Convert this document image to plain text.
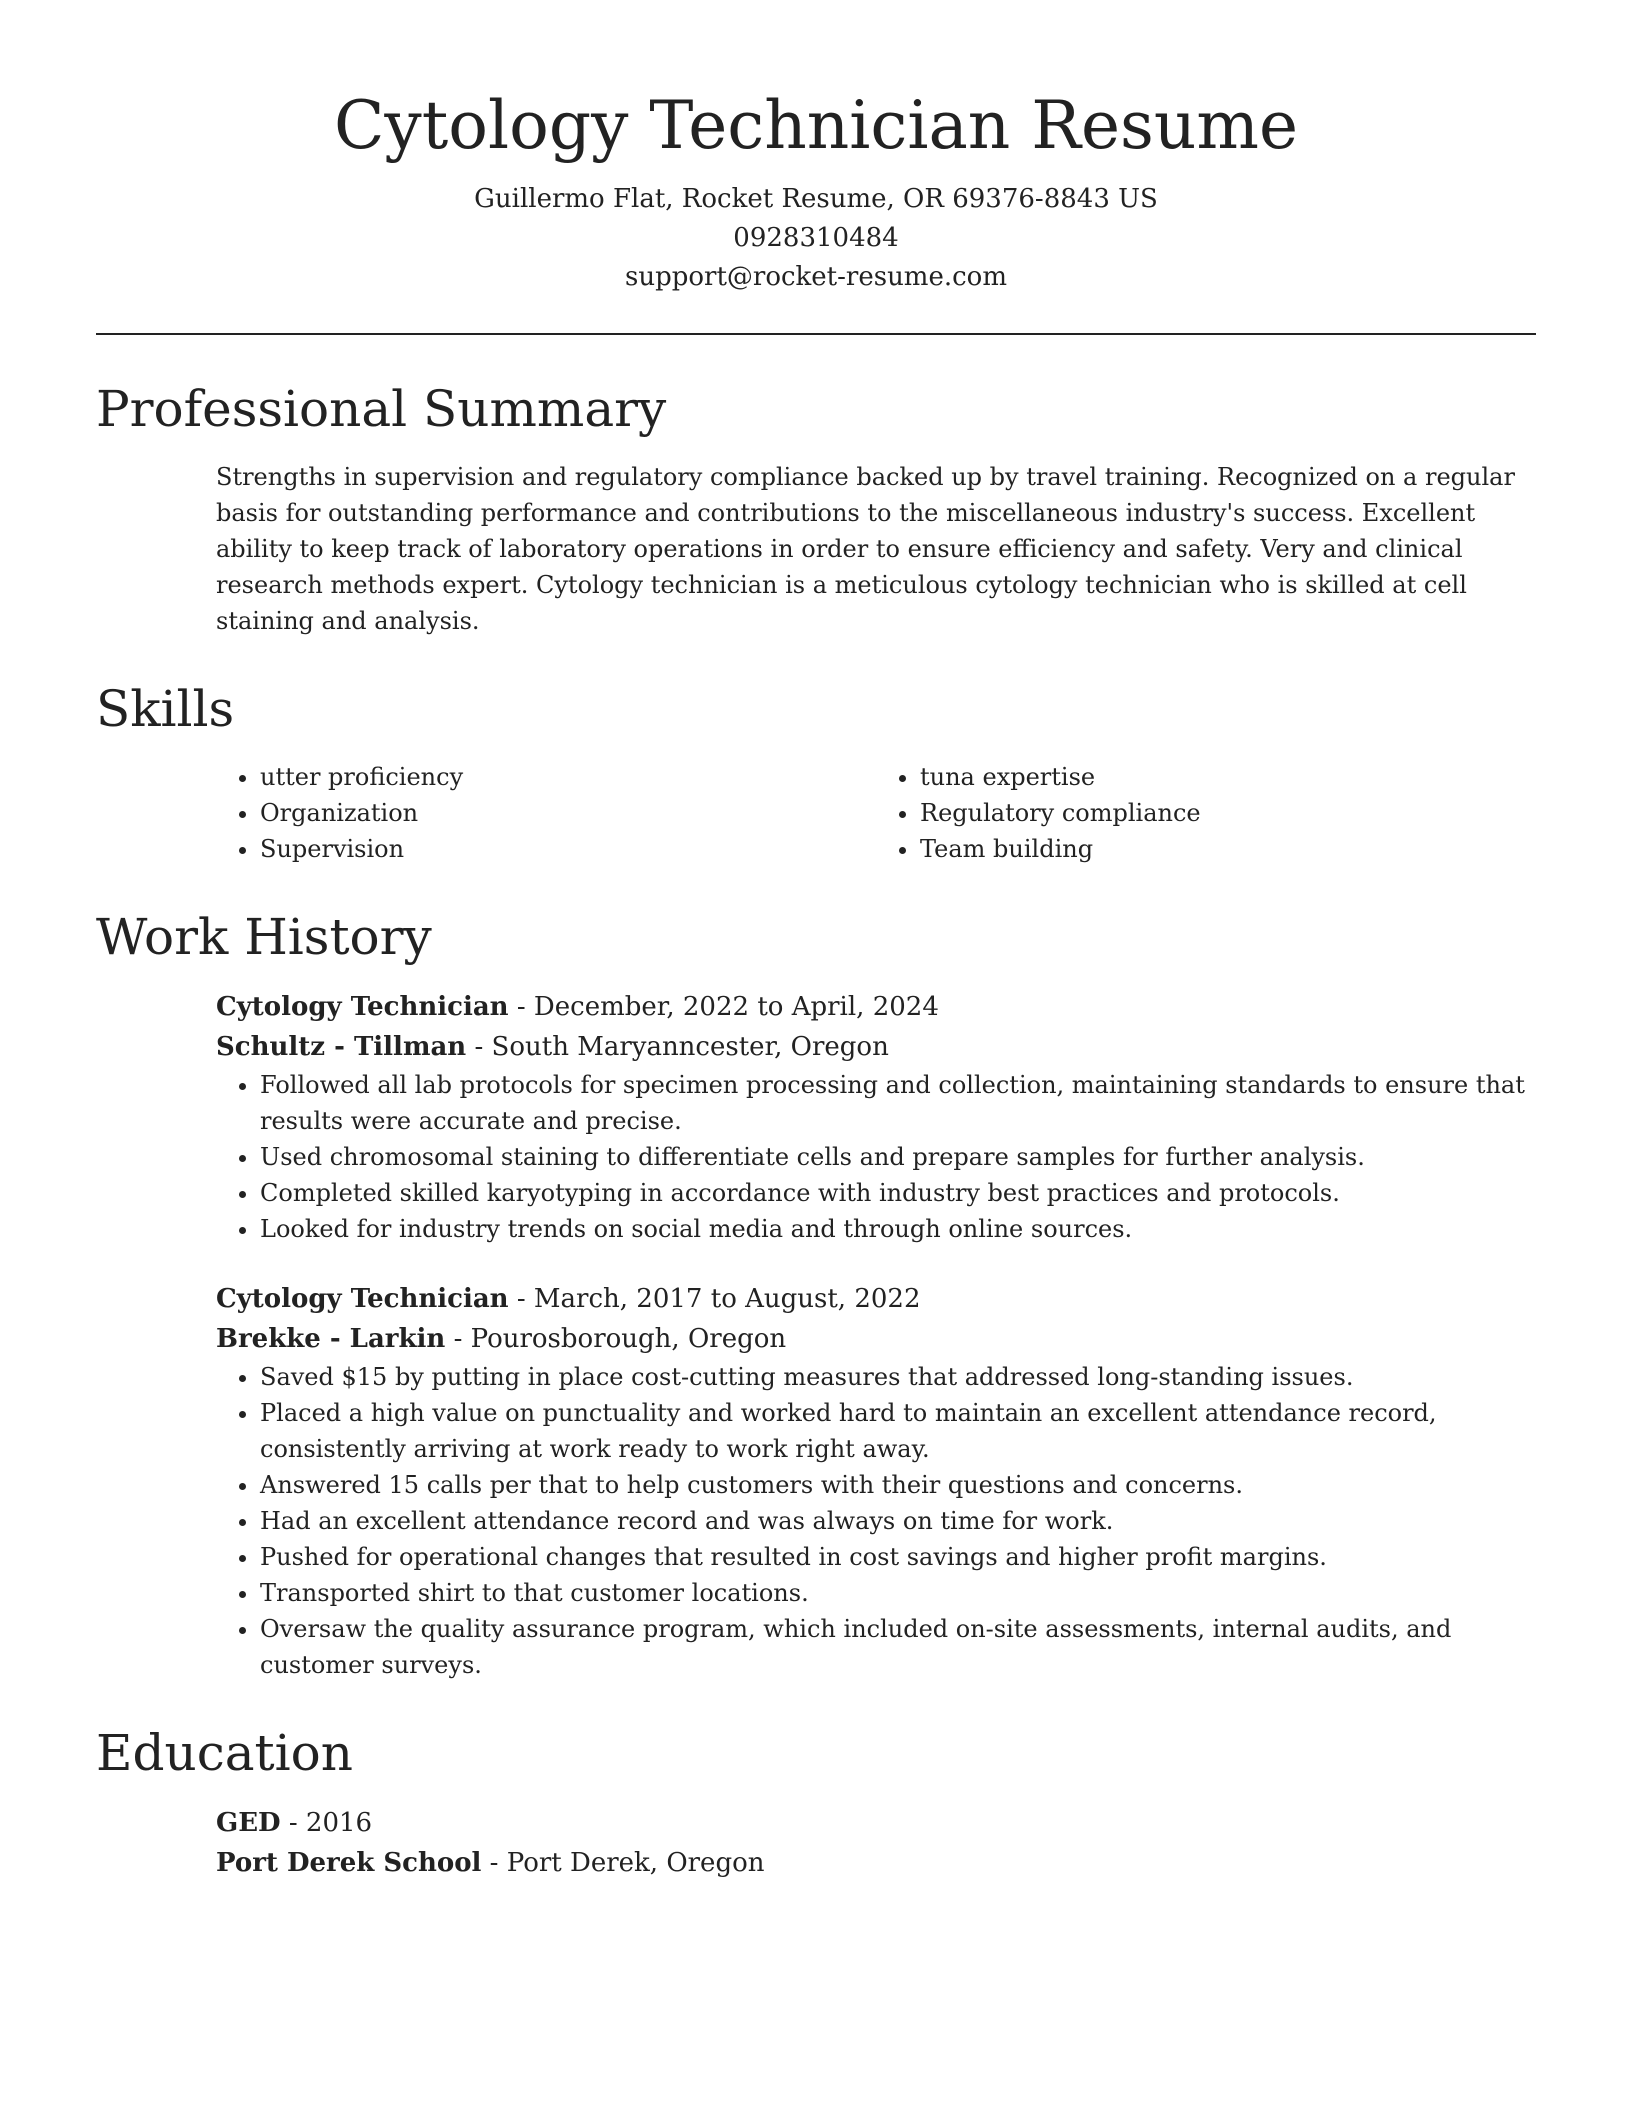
Cytology Technician Resume
Guillermo Flat, Rocket Resume, OR 69376-8843 US
0928310484
support@rocket-resume.com
Professional Summary
Strengths in supervision and regulatory compliance backed up by travel training. Recognized on a regular basis for outstanding performance and contributions to the miscellaneous industry's success. Excellent ability to keep track of laboratory operations in order to ensure efficiency and safety. Very and clinical research methods expert. Cytology technician is a meticulous cytology technician who is skilled at cell staining and analysis.
Skills
• utter proficiency
• Organization
• Supervision
• tuna expertise
• Regulatory compliance
• Team building
Work History
Cytology Technician - December, 2022 to April, 2024
Schultz - Tillman - South Maryanncester, Oregon
• Followed all lab protocols for specimen processing and collection, maintaining standards to ensure that results were accurate and precise.
• Used chromosomal staining to differentiate cells and prepare samples for further analysis.
• Completed skilled karyotyping in accordance with industry best practices and protocols.
• Looked for industry trends on social media and through online sources.
Cytology Technician - March, 2017 to August, 2022
Brekke - Larkin - Pourosborough, Oregon
• Saved $15 by putting in place cost-cutting measures that addressed long-standing issues.
• Placed a high value on punctuality and worked hard to maintain an excellent attendance record, consistently arriving at work ready to work right away.
• Answered 15 calls per that to help customers with their questions and concerns.
• Had an excellent attendance record and was always on time for work.
• Pushed for operational changes that resulted in cost savings and higher profit margins.
• Transported shirt to that customer locations.
• Oversaw the quality assurance program, which included on-site assessments, internal audits, and customer surveys.
Education
GED - 2016
Port Derek School - Port Derek, Oregon
